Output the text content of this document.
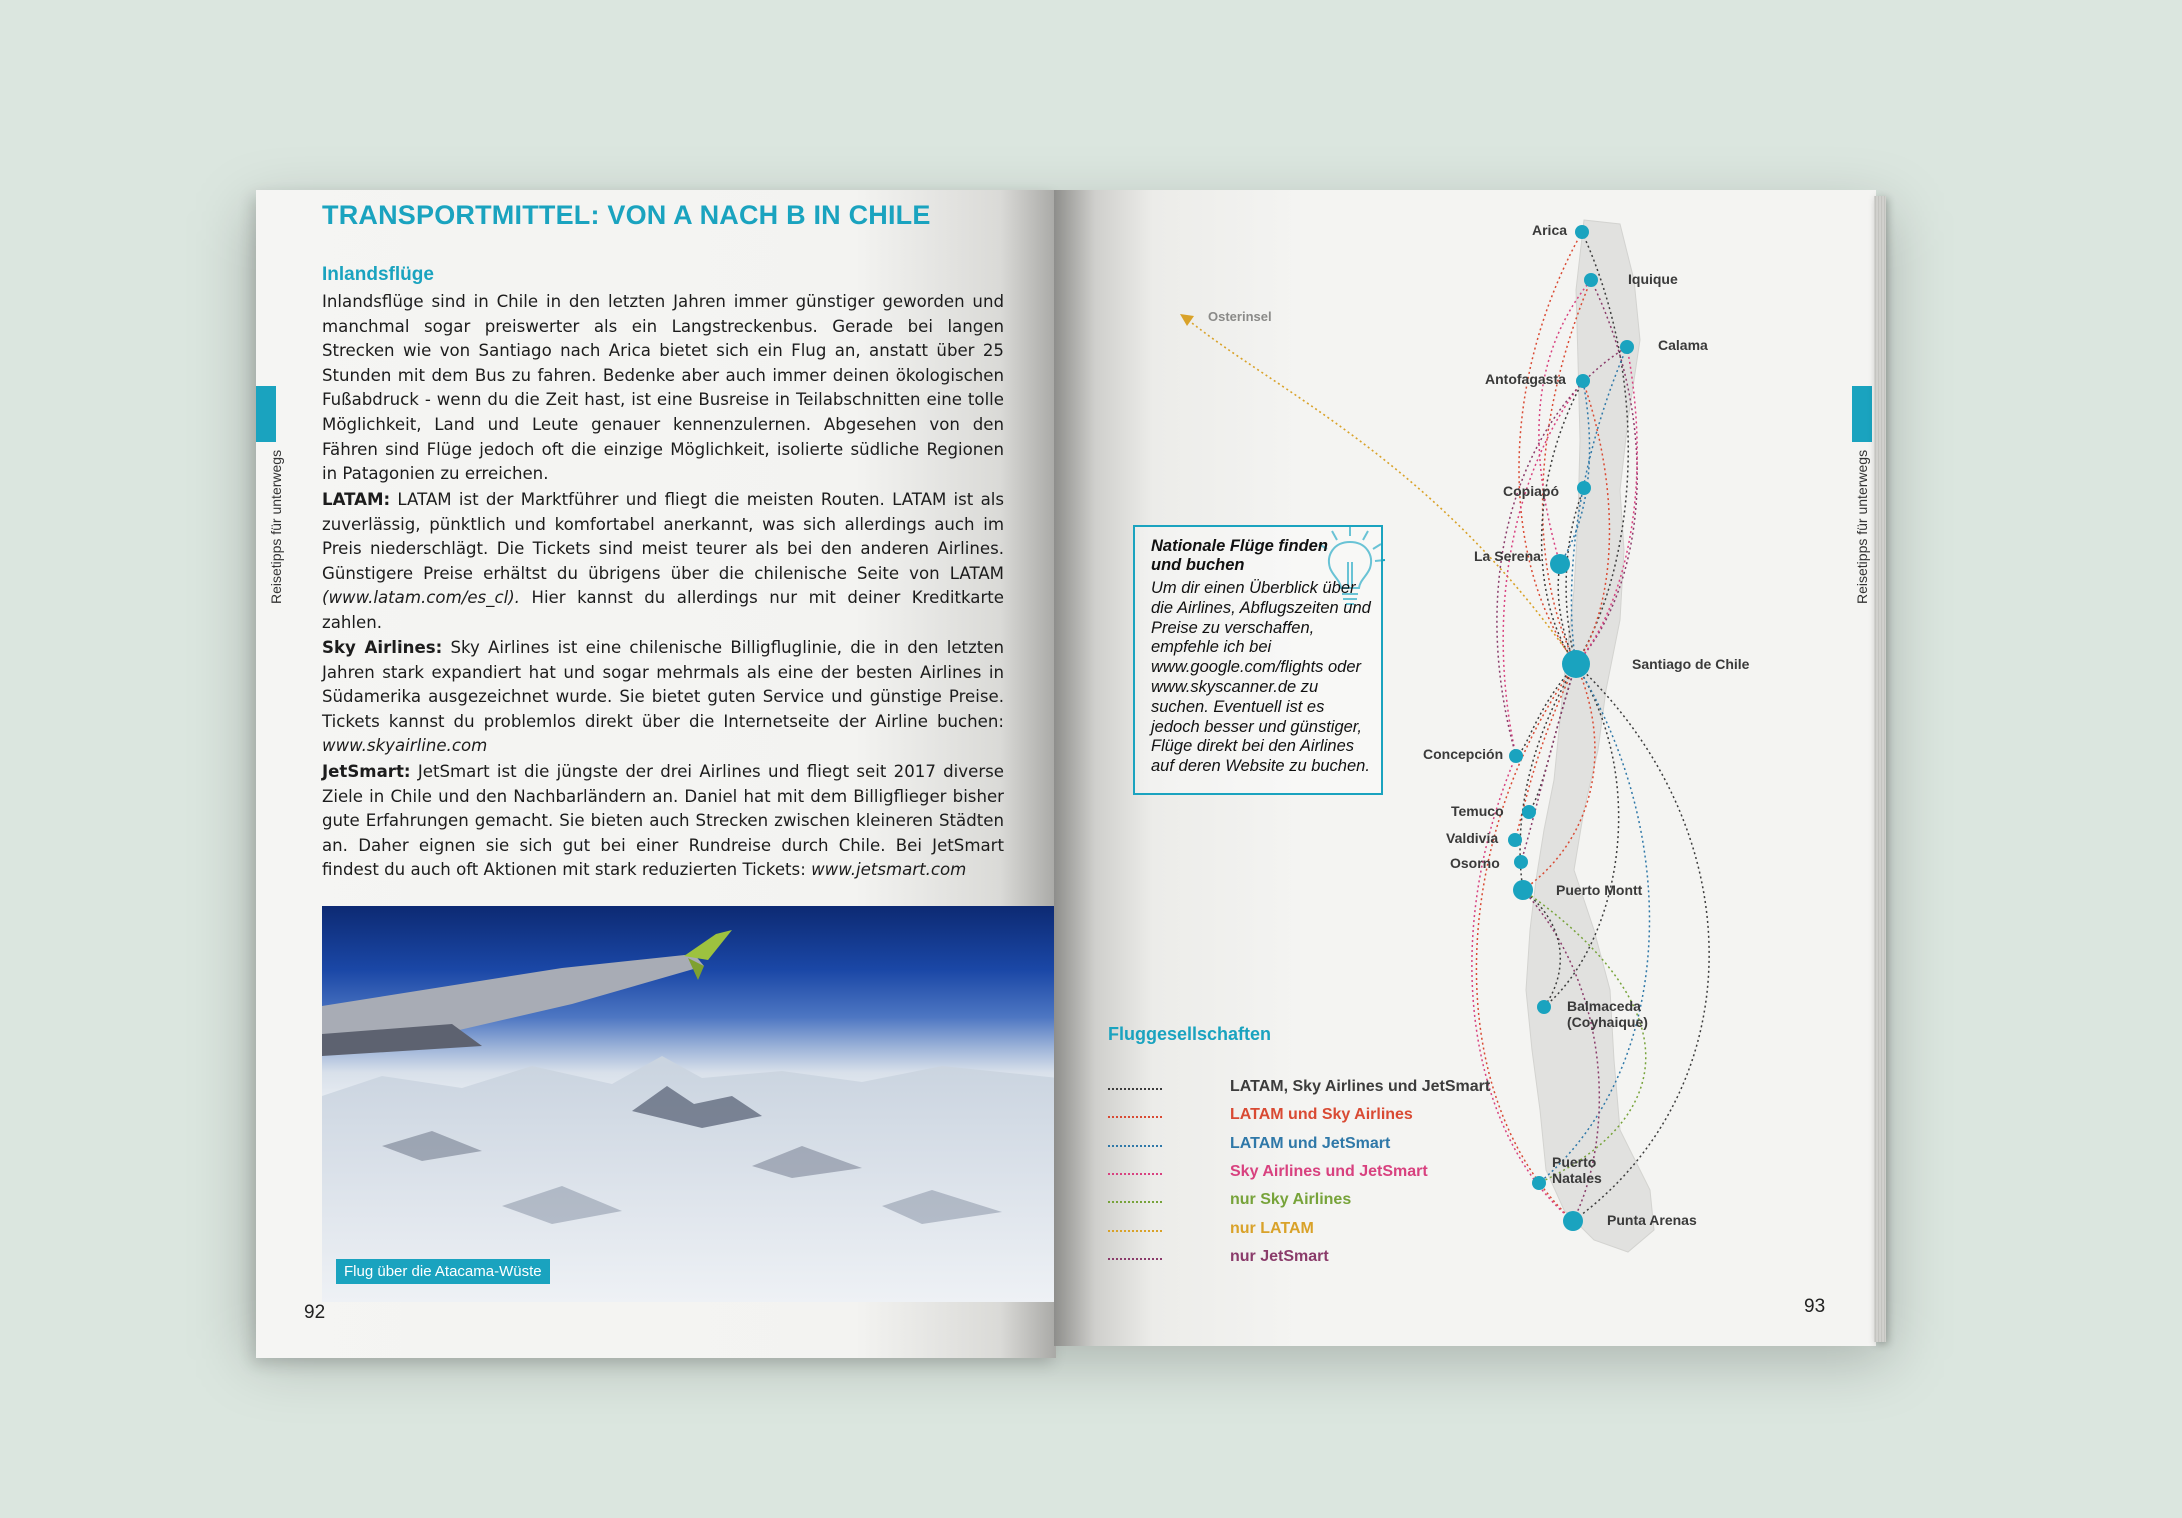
Reisetipps für unterwegs
TRANSPORTMITTEL: VON A NACH B IN CHILE
Inlandsflüge

Inlandsflüge sind in Chile in den letzten Jahren immer günstiger geworden und manchmal sogar preiswerter als ein Langstreckenbus. Gerade bei langen Strecken wie von Santiago nach Arica bietet sich ein Flug an, anstatt über 25 Stunden mit dem Bus zu fahren. Bedenke aber auch immer deinen ökologischen Fußabdruck - wenn du die Zeit hast, ist eine Busreise in Teilabschnitten eine tolle Möglichkeit, Land und Leute genauer kennenzulernen. Abgesehen von den Fähren sind Flüge jedoch oft die einzige Möglichkeit, isolierte südliche Regionen in Patagonien zu erreichen.

LATAM: LATAM ist der Marktführer und fliegt die meisten Routen. LATAM ist als zuverlässig, pünktlich und komfortabel anerkannt, was sich allerdings auch im Preis niederschlägt. Die Tickets sind meist teurer als bei den anderen Airlines. Günstigere Preise erhältst du übrigens über die chilenische Seite von LATAM (www.latam.com/es_cl). Hier kannst du allerdings nur mit deiner Kreditkarte zahlen.

Sky Airlines: Sky Airlines ist eine chilenische Billigfluglinie, die in den letzten Jahren stark expandiert hat und sogar mehrmals als eine der besten Airlines in Südamerika ausgezeichnet wurde. Sie bietet guten Service und günstige Preise. Tickets kannst du problemlos direkt über die Internetseite der Airline buchen: www.skyairline.com

JetSmart: JetSmart ist die jüngste der drei Airlines und fliegt seit 2017 diverse Ziele in Chile und den Nachbarländern an. Daniel hat mit dem Billigflieger bisher gute Erfahrungen gemacht. Sie bieten auch Strecken zwischen kleineren Städten an. Daher eignen sie sich gut bei einer Rundreise durch Chile. Bei JetSmart findest du auch oft Aktionen mit stark reduzierten Tickets: www.jetsmart.com

Flug über die Atacama-Wüste
92
Osterinsel
Arica
Iquique
Calama
Antofagasta
Copiapó
La Serena
Santiago de Chile
Concepción
Temuco
Valdivia
Osorno
Puerto Montt
Balmaceda
(Coyhaique)
Puerto
Natales
Punta Arenas
Nationale Flüge finden und buchen
Um dir einen Überblick über die Airlines, Abflugszeiten und Preise zu verschaffen, empfehle ich bei www.google.com/flights oder www.skyscanner.de zu suchen. Eventuell ist es jedoch besser und günstiger, Flüge direkt bei den Airlines auf deren Website zu buchen.
Fluggesellschaften
LATAM, Sky Airlines und JetSmart
LATAM und Sky Airlines
LATAM und JetSmart
Sky Airlines und JetSmart
nur Sky Airlines
nur LATAM
nur JetSmart
Reisetipps für unterwegs
93
